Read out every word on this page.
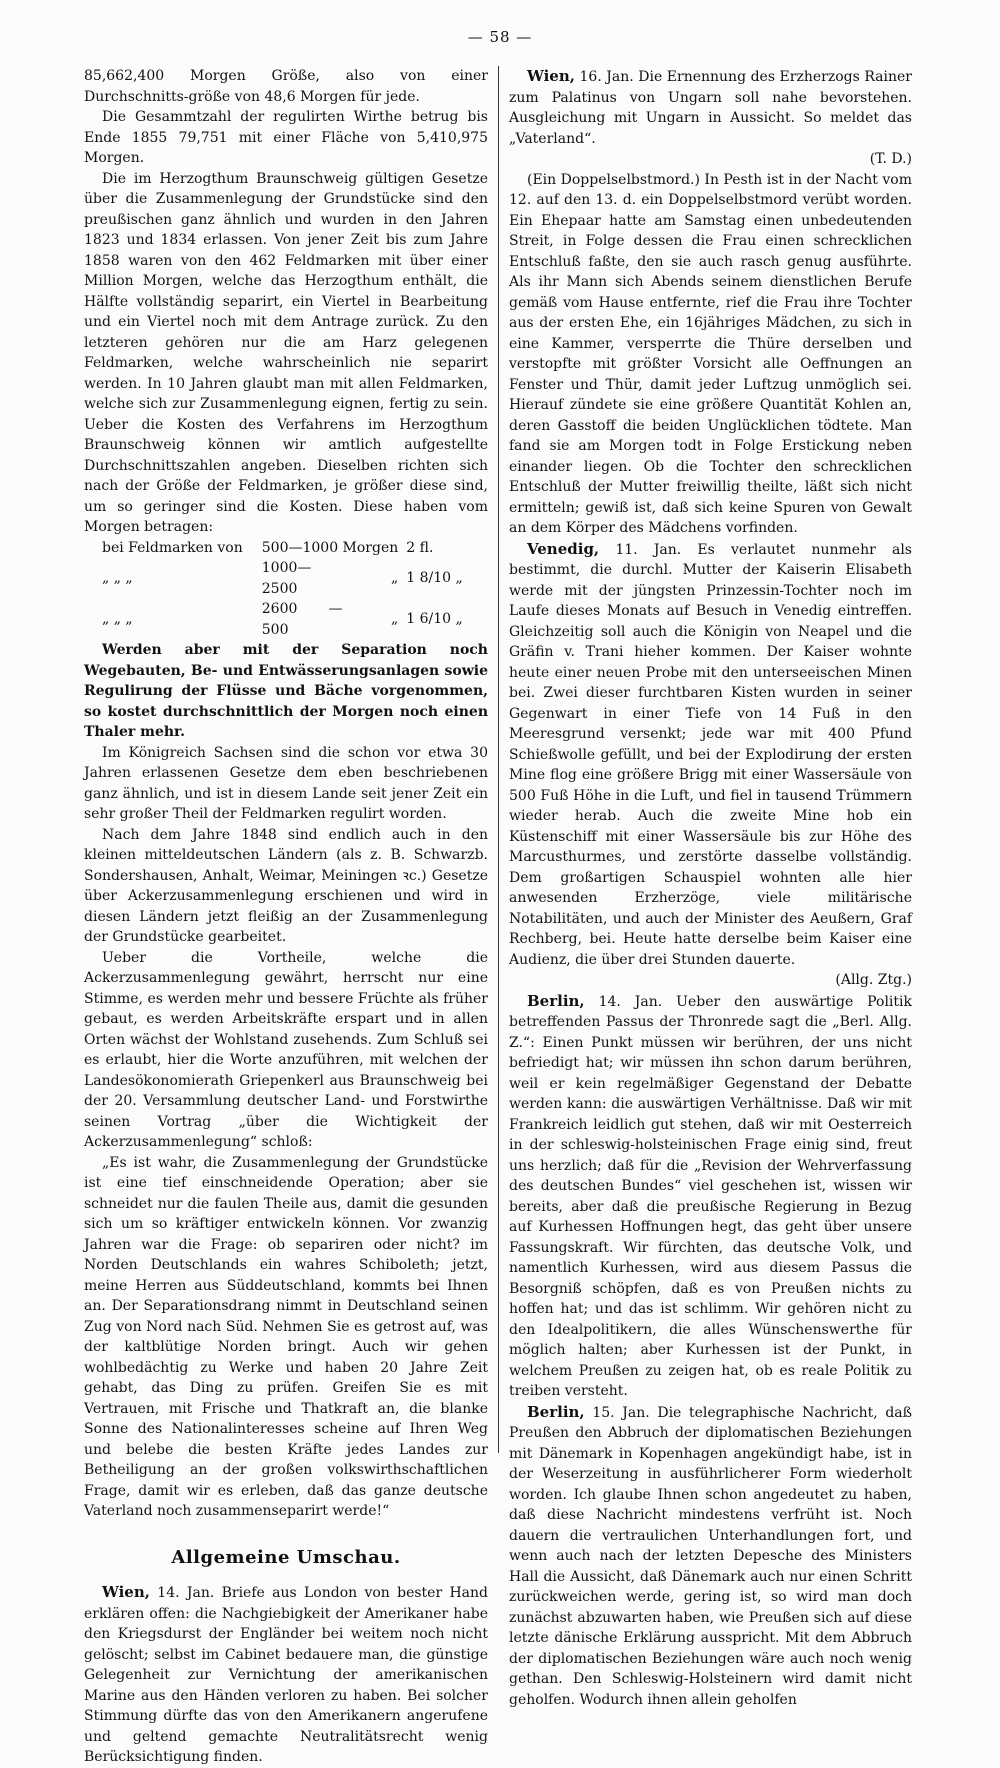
— 58 —

85,662,400 Morgen Größe, also von einer Durchschnitts-größe von 48,6 Morgen für jede.

Die Gesammtzahl der regulirten Wirthe betrug bis Ende 1855 79,751 mit einer Fläche von 5,410,975 Morgen.

Die im Herzogthum Braunschweig gültigen Gesetze über die Zusammenlegung der Grundstücke sind den preußischen ganz ähnlich und wurden in den Jahren 1823 und 1834 erlassen. Von jener Zeit bis zum Jahre 1858 waren von den 462 Feldmarken mit über einer Million Morgen, welche das Herzogthum enthält, die Hälfte vollständig separirt, ein Viertel in Bearbeitung und ein Viertel noch mit dem Antrage zurück. Zu den letzteren gehören nur die am Harz gelegenen Feldmarken, welche wahrscheinlich nie separirt werden. In 10 Jahren glaubt man mit allen Feldmarken, welche sich zur Zusammenlegung eignen, fertig zu sein. Ueber die Kosten des Verfahrens im Herzogthum Braunschweig können wir amtlich aufgestellte Durchschnittszahlen angeben. Dieselben richten sich nach der Größe der Feldmarken, je größer diese sind, um so geringer sind die Kosten. Diese haben vom Morgen betragen:

bei Feldmarken von	500—1000	Morgen	2 fl.
„ „ „	1000—2500	„	1 8/10 „
„ „ „	2600 — 500	„	1 6/10 „

Werden aber mit der Separation noch Wegebauten, Be- und Entwässerungsanlagen sowie Regulirung der Flüsse und Bäche vorgenommen, so kostet durchschnittlich der Morgen noch einen Thaler mehr.

Im Königreich Sachsen sind die schon vor etwa 30 Jahren erlassenen Gesetze dem eben beschriebenen ganz ähnlich, und ist in diesem Lande seit jener Zeit ein sehr großer Theil der Feldmarken regulirt worden.

Nach dem Jahre 1848 sind endlich auch in den kleinen mitteldeutschen Ländern (als z. B. Schwarzb. Sondershausen, Anhalt, Weimar, Meiningen ꝛc.) Gesetze über Ackerzusammenlegung erschienen und wird in diesen Ländern jetzt fleißig an der Zusammenlegung der Grundstücke gearbeitet.

Ueber die Vortheile, welche die Ackerzusammenlegung gewährt, herrscht nur eine Stimme, es werden mehr und bessere Früchte als früher gebaut, es werden Arbeitskräfte erspart und in allen Orten wächst der Wohlstand zusehends. Zum Schluß sei es erlaubt, hier die Worte anzuführen, mit welchen der Landesökonomierath Griepenkerl aus Braunschweig bei der 20. Versammlung deutscher Land- und Forstwirthe seinen Vortrag „über die Wichtigkeit der Ackerzusammenlegung“ schloß:

„Es ist wahr, die Zusammenlegung der Grundstücke ist eine tief einschneidende Operation; aber sie schneidet nur die faulen Theile aus, damit die gesunden sich um so kräftiger entwickeln können. Vor zwanzig Jahren war die Frage: ob separiren oder nicht? im Norden Deutschlands ein wahres Schiboleth; jetzt, meine Herren aus Süddeutschland, kommts bei Ihnen an. Der Separationsdrang nimmt in Deutschland seinen Zug von Nord nach Süd. Nehmen Sie es getrost auf, was der kaltblütige Norden bringt. Auch wir gehen wohlbedächtig zu Werke und haben 20 Jahre Zeit gehabt, das Ding zu prüfen. Greifen Sie es mit Vertrauen, mit Frische und Thatkraft an, die blanke Sonne des Nationalinteresses scheine auf Ihren Weg und belebe die besten Kräfte jedes Landes zur Betheiligung an der großen volkswirthschaftlichen Frage, damit wir es erleben, daß das ganze deutsche Vaterland noch zusammenseparirt werde!“

Allgemeine Umschau.

Wien, 14. Jan. Briefe aus London von bester Hand erklären offen: die Nachgiebigkeit der Amerikaner habe den Kriegsdurst der Engländer bei weitem noch nicht gelöscht; selbst im Cabinet bedauere man, die günstige Gelegenheit zur Vernichtung der amerikanischen Marine aus den Händen verloren zu haben. Bei solcher Stimmung dürfte das von den Amerikanern angerufene und geltend gemachte Neutralitätsrecht wenig Berücksichtigung finden.

Wien, 16. Jan. Die Ernennung des Erzherzogs Rainer zum Palatinus von Ungarn soll nahe bevorstehen. Ausgleichung mit Ungarn in Aussicht. So meldet das „Vaterland“.

(T. D.)

(Ein Doppelselbstmord.) In Pesth ist in der Nacht vom 12. auf den 13. d. ein Doppelselbstmord verübt worden. Ein Ehepaar hatte am Samstag einen unbedeutenden Streit, in Folge dessen die Frau einen schrecklichen Entschluß faßte, den sie auch rasch genug ausführte. Als ihr Mann sich Abends seinem dienstlichen Berufe gemäß vom Hause entfernte, rief die Frau ihre Tochter aus der ersten Ehe, ein 16jähriges Mädchen, zu sich in eine Kammer, versperrte die Thüre derselben und verstopfte mit größter Vorsicht alle Oeffnungen an Fenster und Thür, damit jeder Luftzug unmöglich sei. Hierauf zündete sie eine größere Quantität Kohlen an, deren Gasstoff die beiden Unglücklichen tödtete. Man fand sie am Morgen todt in Folge Erstickung neben einander liegen. Ob die Tochter den schrecklichen Entschluß der Mutter freiwillig theilte, läßt sich nicht ermitteln; gewiß ist, daß sich keine Spuren von Gewalt an dem Körper des Mädchens vorfinden.

Venedig, 11. Jan. Es verlautet nunmehr als bestimmt, die durchl. Mutter der Kaiserin Elisabeth werde mit der jüngsten Prinzessin-Tochter noch im Laufe dieses Monats auf Besuch in Venedig eintreffen. Gleichzeitig soll auch die Königin von Neapel und die Gräfin v. Trani hieher kommen. Der Kaiser wohnte heute einer neuen Probe mit den unterseeischen Minen bei. Zwei dieser furchtbaren Kisten wurden in seiner Gegenwart in einer Tiefe von 14 Fuß in den Meeresgrund versenkt; jede war mit 400 Pfund Schießwolle gefüllt, und bei der Explodirung der ersten Mine flog eine größere Brigg mit einer Wassersäule von 500 Fuß Höhe in die Luft, und fiel in tausend Trümmern wieder herab. Auch die zweite Mine hob ein Küstenschiff mit einer Wassersäule bis zur Höhe des Marcusthurmes, und zerstörte dasselbe vollständig. Dem großartigen Schauspiel wohnten alle hier anwesenden Erzherzöge, viele militärische Notabilitäten, und auch der Minister des Aeußern, Graf Rechberg, bei. Heute hatte derselbe beim Kaiser eine Audienz, die über drei Stunden dauerte.

(Allg. Ztg.)

Berlin, 14. Jan. Ueber den auswärtige Politik betreffenden Passus der Thronrede sagt die „Berl. Allg. Z.“: Einen Punkt müssen wir berühren, der uns nicht befriedigt hat; wir müssen ihn schon darum berühren, weil er kein regelmäßiger Gegenstand der Debatte werden kann: die auswärtigen Verhältnisse. Daß wir mit Frankreich leidlich gut stehen, daß wir mit Oesterreich in der schleswig-holsteinischen Frage einig sind, freut uns herzlich; daß für die „Revision der Wehrverfassung des deutschen Bundes“ viel geschehen ist, wissen wir bereits, aber daß die preußische Regierung in Bezug auf Kurhessen Hoffnungen hegt, das geht über unsere Fassungskraft. Wir fürchten, das deutsche Volk, und namentlich Kurhessen, wird aus diesem Passus die Besorgniß schöpfen, daß es von Preußen nichts zu hoffen hat; und das ist schlimm. Wir gehören nicht zu den Idealpolitikern, die alles Wünschenswerthe für möglich halten; aber Kurhessen ist der Punkt, in welchem Preußen zu zeigen hat, ob es reale Politik zu treiben versteht.

Berlin, 15. Jan. Die telegraphische Nachricht, daß Preußen den Abbruch der diplomatischen Beziehungen mit Dänemark in Kopenhagen angekündigt habe, ist in der Weserzeitung in ausführlicherer Form wiederholt worden. Ich glaube Ihnen schon angedeutet zu haben, daß diese Nachricht mindestens verfrüht ist. Noch dauern die vertraulichen Unterhandlungen fort, und wenn auch nach der letzten Depesche des Ministers Hall die Aussicht, daß Dänemark auch nur einen Schritt zurückweichen werde, gering ist, so wird man doch zunächst abzuwarten haben, wie Preußen sich auf diese letzte dänische Erklärung ausspricht. Mit dem Abbruch der diplomatischen Beziehungen wäre auch noch wenig gethan. Den Schleswig-Holsteinern wird damit nicht geholfen. Wodurch ihnen allein geholfen
